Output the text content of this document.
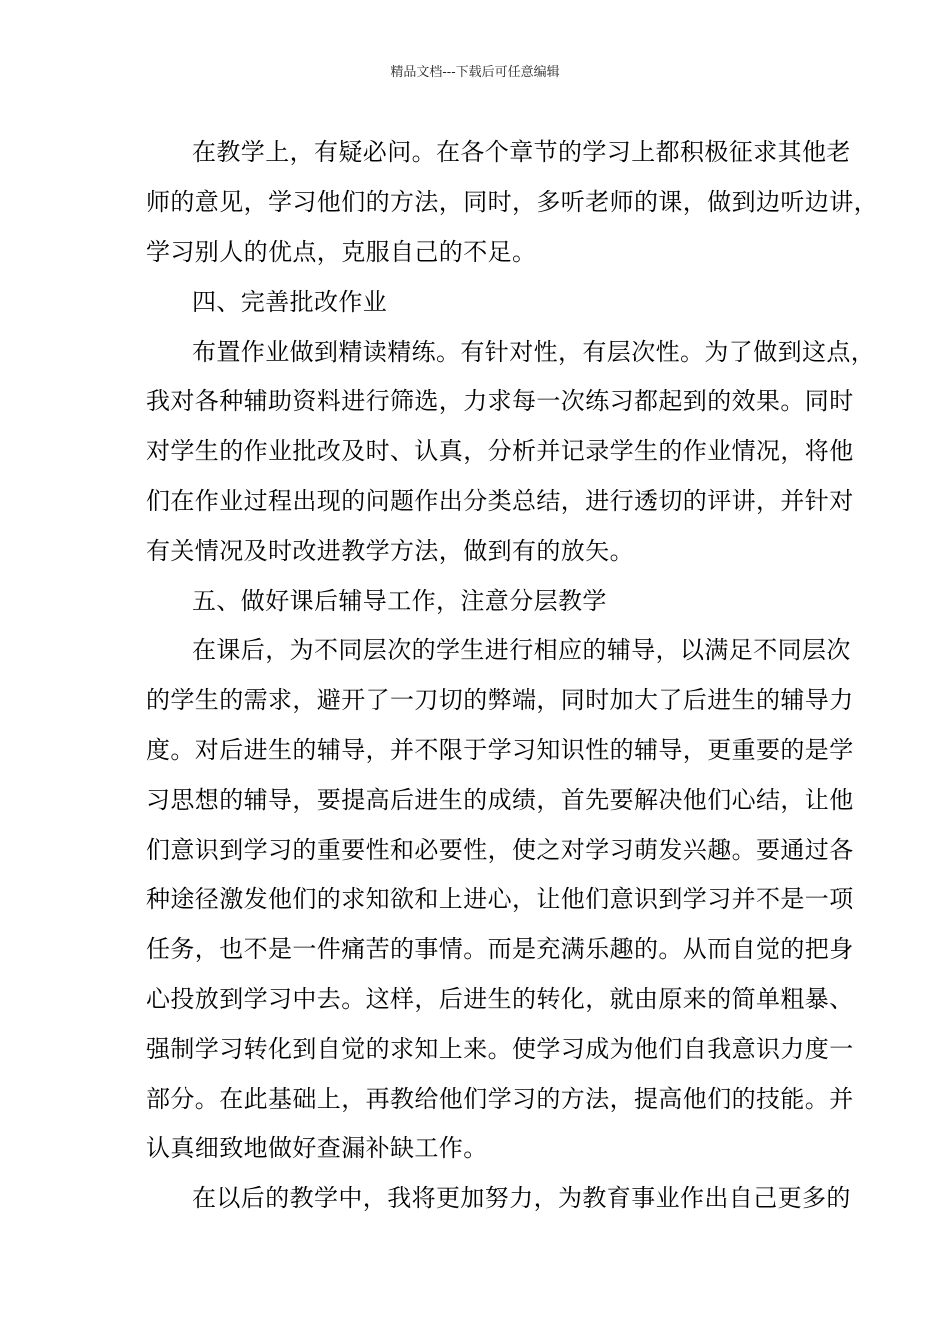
精品文档---下载后可任意编辑
在教学上，有疑必问。在各个章节的学习上都积极征求其他老
师的意见，学习他们的方法，同时，多听老师的课，做到边听边讲，
学习别人的优点，克服自己的不足。
四、完善批改作业
布置作业做到精读精练。有针对性，有层次性。为了做到这点，
我对各种辅助资料进行筛选，力求每一次练习都起到的效果。同时
对学生的作业批改及时、认真，分析并记录学生的作业情况，将他
们在作业过程出现的问题作出分类总结，进行透切的评讲，并针对
有关情况及时改进教学方法，做到有的放矢。
五、做好课后辅导工作，注意分层教学
在课后，为不同层次的学生进行相应的辅导，以满足不同层次
的学生的需求，避开了一刀切的弊端，同时加大了后进生的辅导力
度。对后进生的辅导，并不限于学习知识性的辅导，更重要的是学
习思想的辅导，要提高后进生的成绩，首先要解决他们心结，让他
们意识到学习的重要性和必要性，使之对学习萌发兴趣。要通过各
种途径激发他们的求知欲和上进心，让他们意识到学习并不是一项
任务，也不是一件痛苦的事情。而是充满乐趣的。从而自觉的把身
心投放到学习中去。这样，后进生的转化，就由原来的简单粗暴、
强制学习转化到自觉的求知上来。使学习成为他们自我意识力度一
部分。在此基础上，再教给他们学习的方法，提高他们的技能。并
认真细致地做好查漏补缺工作。
在以后的教学中，我将更加努力，为教育事业作出自己更多的
